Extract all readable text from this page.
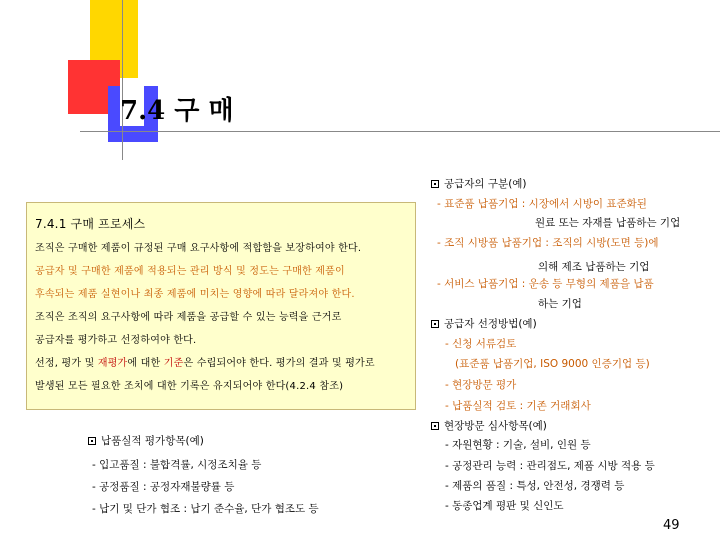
7.4 구 매
7.4.1 구매 프로세스
조직은 구매한 제품이 규정된 구매 요구사항에 적합함을 보장하여야 한다.
공급자 및 구매한 제품에 적용되는 관리 방식 및 정도는 구매한 제품이
후속되는 제품 실현이나 최종 제품에 미치는 영향에 따라 달라져야 한다.
조직은 조직의 요구사항에 따라 제품을 공급할 수 있는 능력을 근거로
공급자를 평가하고 선정하여야 한다.
선정, 평가 및 재평가에 대한 기준은 수립되어야 한다. 평가의 결과 및 평가로
발생된 모든 필요한 조치에 대한 기록은 유지되어야 한다(4.2.4 참조)
납품실적 평가항목(예)
- 입고품질 : 불합격률, 시정조치율 등
- 공정품질 : 공정자재불량률 등
- 납기 및 단가 협조 : 납기 준수율, 단가 협조도 등
공급자의 구분(예)
- 표준품 납품기업 : 시장에서 시방이 표준화된
원료 또는 자재를 납품하는 기업
- 조직 시방품 납품기업 : 조직의 시방(도면 등)에
의해 제조 납품하는 기업
- 서비스 납품기업 : 운송 등 무형의 제품을 납품
하는 기업
공급자 선정방법(예)
- 신청 서류검토
(표준품 납품기업, ISO 9000 인증기업 등)
- 현장방문 평가
- 납품실적 검토 : 기존 거래회사
현장방문 심사항목(예)
- 자원현황 : 기술, 설비, 인원 등
- 공정관리 능력 : 관리점도, 제품 시방 적용 등
- 제품의 품질 : 특성, 안전성, 경쟁력 등
- 동종업계 평판 및 신인도
49
